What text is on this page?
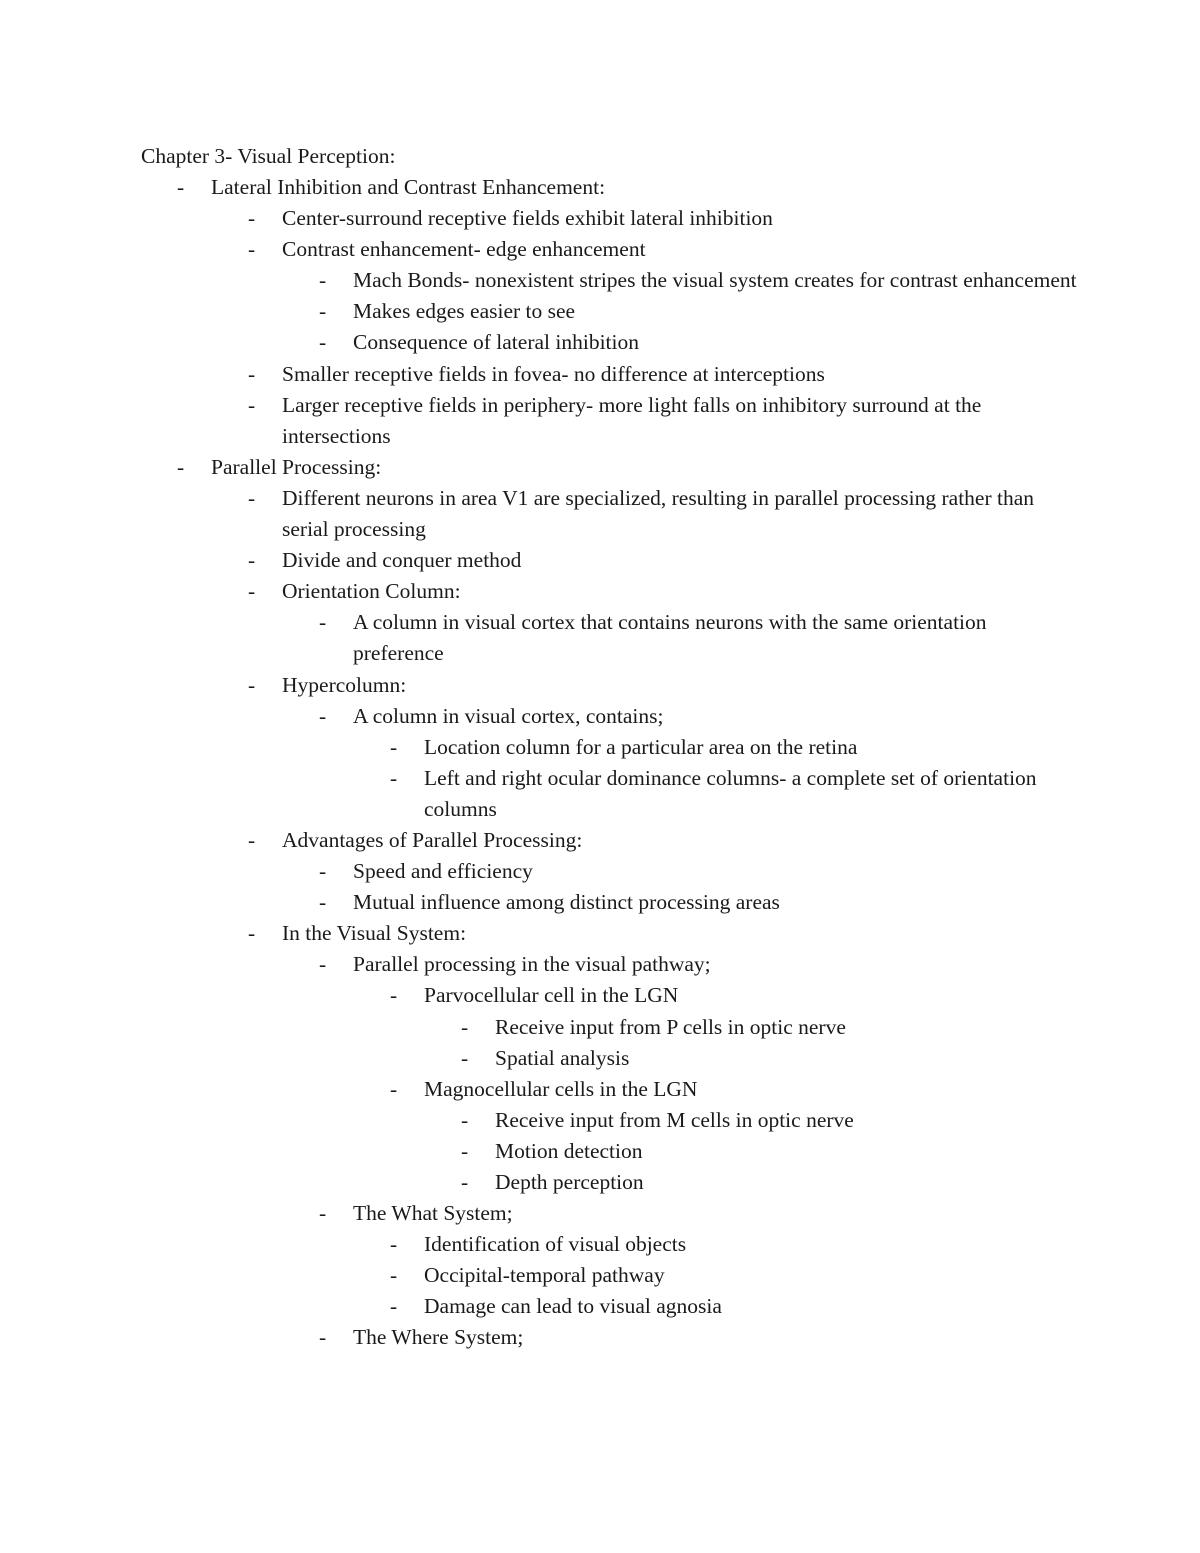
Chapter 3- Visual Perception:
- Lateral Inhibition and Contrast Enhancement:
- Center-surround receptive fields exhibit lateral inhibition
- Contrast enhancement- edge enhancement
- Mach Bonds- nonexistent stripes the visual system creates for contrast enhancement
- Makes edges easier to see
- Consequence of lateral inhibition
- Smaller receptive fields in fovea- no difference at interceptions
- Larger receptive fields in periphery- more light falls on inhibitory surround at the intersections
- Parallel Processing:
- Different neurons in area V1 are specialized, resulting in parallel processing rather than serial processing
- Divide and conquer method
- Orientation Column:
- A column in visual cortex that contains neurons with the same orientation preference
- Hypercolumn:
- A column in visual cortex, contains;
- Location column for a particular area on the retina
- Left and right ocular dominance columns- a complete set of orientation columns
- Advantages of Parallel Processing:
- Speed and efficiency
- Mutual influence among distinct processing areas
- In the Visual System:
- Parallel processing in the visual pathway;
- Parvocellular cell in the LGN
- Receive input from P cells in optic nerve
- Spatial analysis
- Magnocellular cells in the LGN
- Receive input from M cells in optic nerve
- Motion detection
- Depth perception
- The What System;
- Identification of visual objects
- Occipital-temporal pathway
- Damage can lead to visual agnosia
- The Where System;
